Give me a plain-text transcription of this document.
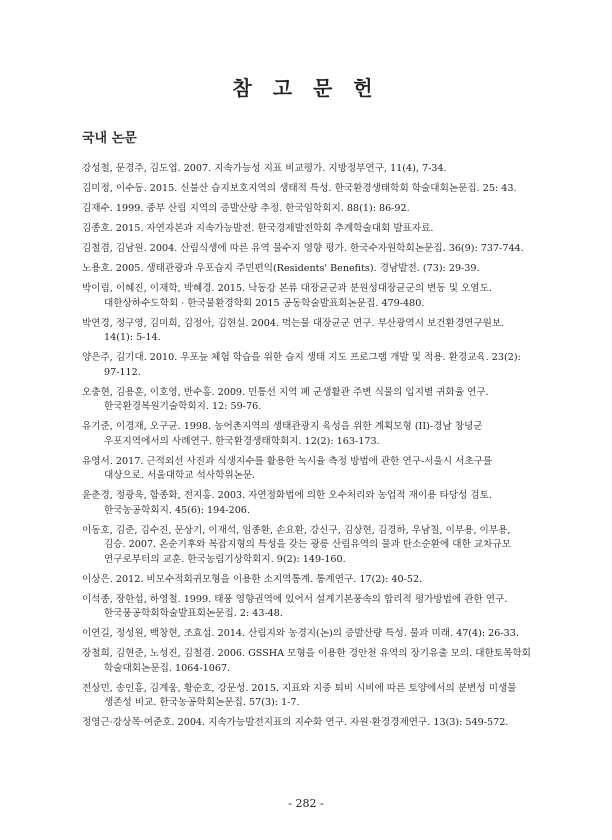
참 고 문 헌
국내 논문
강성철, 문경주, 김도엽. 2007. 지속가능성 지표 비교평가. 지방정부연구, 11(4), 7-34.
김미정, 이수동. 2015. 신불산 습지보호지역의 생태적 특성. 한국환경생태학회 학술대회논문집. 25: 43.
김재수. 1999. 중부 산림 지역의 증발산량 추정. 한국임학회지. 88(1): 86-92.
김종호. 2015. 자연자본과 지속가능발전. 한국경제발전학회 추계학술대회 발표자료.
김철겸, 김남원. 2004. 산림식생에 따른 유역 물수지 영향 평가. 한국수자원학회논문집. 36(9): 737-744.
노용호. 2005. 생태관광과 우포습지 주민편익(Residents' Benefits). 경남발전. (73): 29-39.
박이림, 이혜진, 이재학, 박혜경. 2015. 낙동강 본류 대장균군과 분원성대장균군의 변동 및 오염도. 대한상하수도학회 · 한국물환경학회 2015 공동학술발표회논문집. 479-480.
박연경, 정구영, 김미희, 김정아, 김현실. 2004. 먹는물 대장균군 연구. 부산광역시 보건환경연구원보. 14(1): 5-14.
양은주, 김기대. 2010. 우포늪 체험 학습을 위한 습지 생태 지도 프로그램 개발 및 적용. 환경교육. 23(2): 97-112.
오충현, 김용훈, 이호영, 반수홍. 2009. 민통선 지역 폐 군생활관 주변 식물의 입지별 귀화율 연구. 한국환경복원기술학회지. 12: 59-76.
유기준, 이경재, 오구균. 1998. 농어촌지역의 생태관광지 육성을 위한 계획모형 (II)-경남 창녕군 우포지역에서의 사례연구. 한국환경생태학회지. 12(2): 163-173.
유영서. 2017. 근적외선 사진과 식생지수를 활용한 녹시율 측정 방법에 관한 연구-서울시 서초구를 대상으로. 서울대학교 석사학위논문.
윤춘경, 정광욱, 함종화, 전지홍. 2003. 자연정화법에 의한 오수처리와 농업적 재이용 타당성 검토. 한국농공학회지. 45(6): 194-206.
이동호, 김준, 김수진, 문상기, 이재석, 임종환, 손요환, 강신구, 김상현, 김경하, 우남칠, 이부용, 이부용, 김승. 2007. 온순기후와 복잡지형의 특성을 갖는 광릉 산림유역의 물과 탄소순환에 대한 교차규모 연구로부터의 교훈. 한국농림기상학회지. 9(2): 149-160.
이상은. 2012. 비모수적회귀모형을 이용한 소지역통계. 통계연구. 17(2): 40-52.
이석종, 장한섭, 하영철. 1999. 태풍 영향권역에 있어서 설계기본풍속의 합리적 평가방법에 관한 연구. 한국풍공학회학술발표회논문집. 2: 43-48.
이연길, 정성원, 백창현, 조효섭. 2014. 산림지와 농경지(논)의 증발산량 특성. 물과 미래. 47(4): 26-33.
장철희, 김현준, 노성진, 김철겸. 2006. GSSHA 모형을 이용한 경안천 유역의 장기유출 모의. 대한토목학회 학술대회논문집. 1064-1067.
전상민, 송인홍, 김계웅, 황순호, 강문성. 2015. 지표와 지중 퇴비 시비에 따른 토양에서의 분변성 미생물 생존성 비교. 한국농공학회논문집. 57(3): 1-7.
정영근·강상목·여준호. 2004. 지속가능발전지표의 지수화 연구. 자원·환경경제연구. 13(3): 549-572.
- 282 -
